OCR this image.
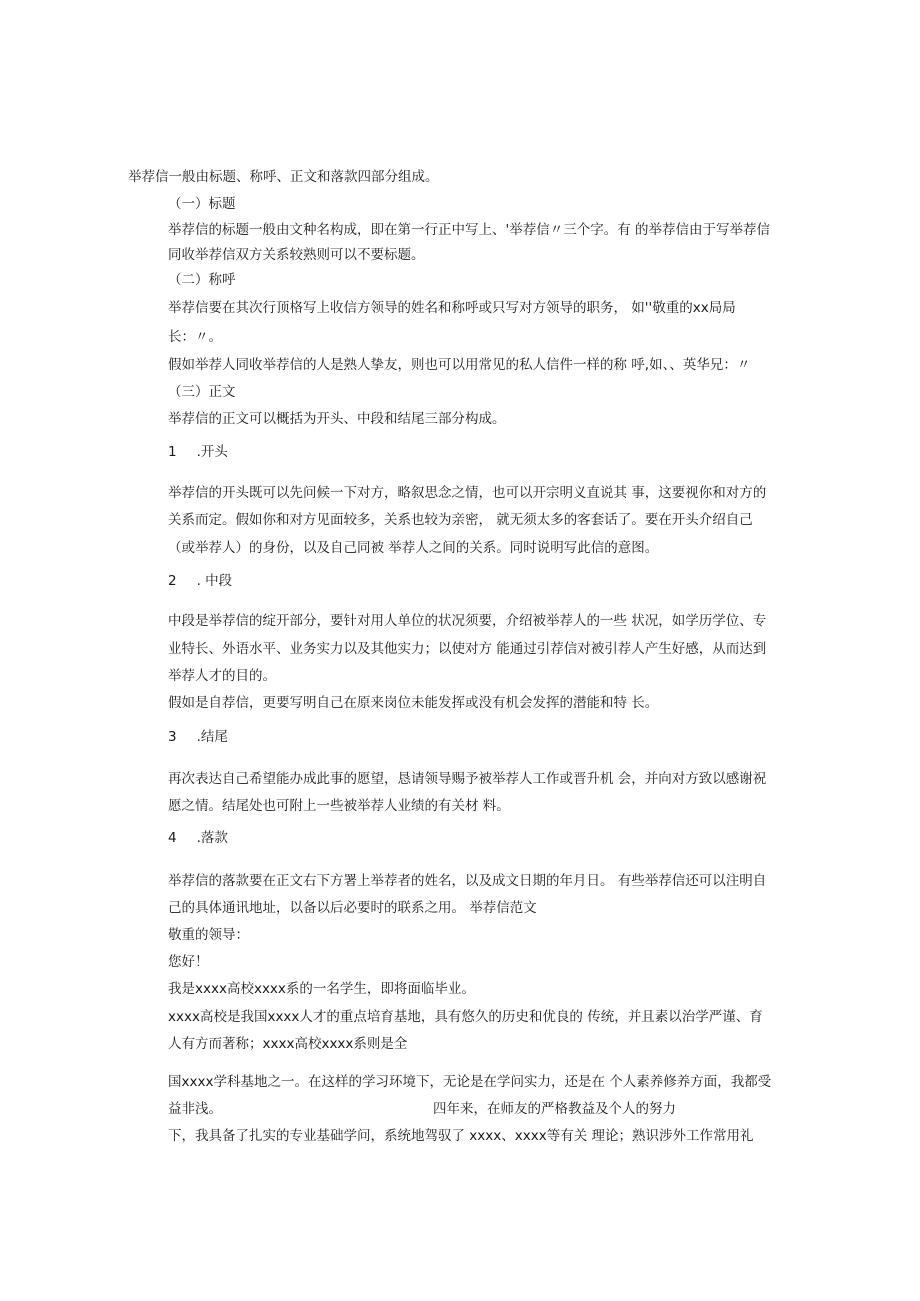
举荐信一般由标题、称呼、正文和落款四部分组成。
（一）标题
举荐信的标题一般由文种名构成，即在第一行正中写上、'举荐信〃三个字。有 的举荐信由于写举荐信
同收举荐信双方关系较熟则可以不要标题。
（二）称呼
举荐信要在其次行顶格写上收信方领导的姓名和称呼或只写对方领导的职务， 如''敬重的xx局局
长：〃。
假如举荐人同收举荐信的人是熟人挚友，则也可以用常见的私人信件一样的称 呼,如、、英华兄：〃
（三）正文
举荐信的正文可以概括为开头、中段和结尾三部分构成。
1 .开头
举荐信的开头既可以先问候一下对方，略叙思念之情，也可以开宗明义直说其 事，这要视你和对方的
关系而定。假如你和对方见面较多，关系也较为亲密， 就无须太多的客套话了。要在开头介绍自己
（或举荐人）的身份，以及自己同被 举荐人之间的关系。同时说明写此信的意图。
2 . 中段
中段是举荐信的绽开部分，要针对用人单位的状况须要，介绍被举荐人的一些 状况，如学历学位、专
业特长、外语水平、业务实力以及其他实力；以使对方 能通过引荐信对被引荐人产生好感，从而达到
举荐人才的目的。
假如是自荐信，更要写明自己在原来岗位未能发挥或没有机会发挥的潜能和特 长。
3 .结尾
再次表达自己希望能办成此事的愿望，恳请领导赐予被举荐人工作或晋升机 会，并向对方致以感谢祝
愿之情。结尾处也可附上一些被举荐人业绩的有关材 料。
4 .落款
举荐信的落款要在正文右下方署上举荐者的姓名，以及成文日期的年月日。 有些举荐信还可以注明自
己的具体通讯地址，以备以后必要时的联系之用。 举荐信范文
敬重的领导：
您好！
我是xxxx高校xxxx系的一名学生，即将面临毕业。
xxxx高校是我国xxxx人才的重点培育基地，具有悠久的历史和优良的 传统，并且素以治学严谨、育
人有方而著称；xxxx高校xxxx系则是全
国xxxx学科基地之一。在这样的学习环境下，无论是在学问实力，还是在 个人素养修养方面，我都受
益非浅。	四年来，在师友的严格教益及个人的努力
下，我具备了扎实的专业基础学问，系统地驾驭了 xxxx、xxxx等有关 理论；熟识涉外工作常用礼
